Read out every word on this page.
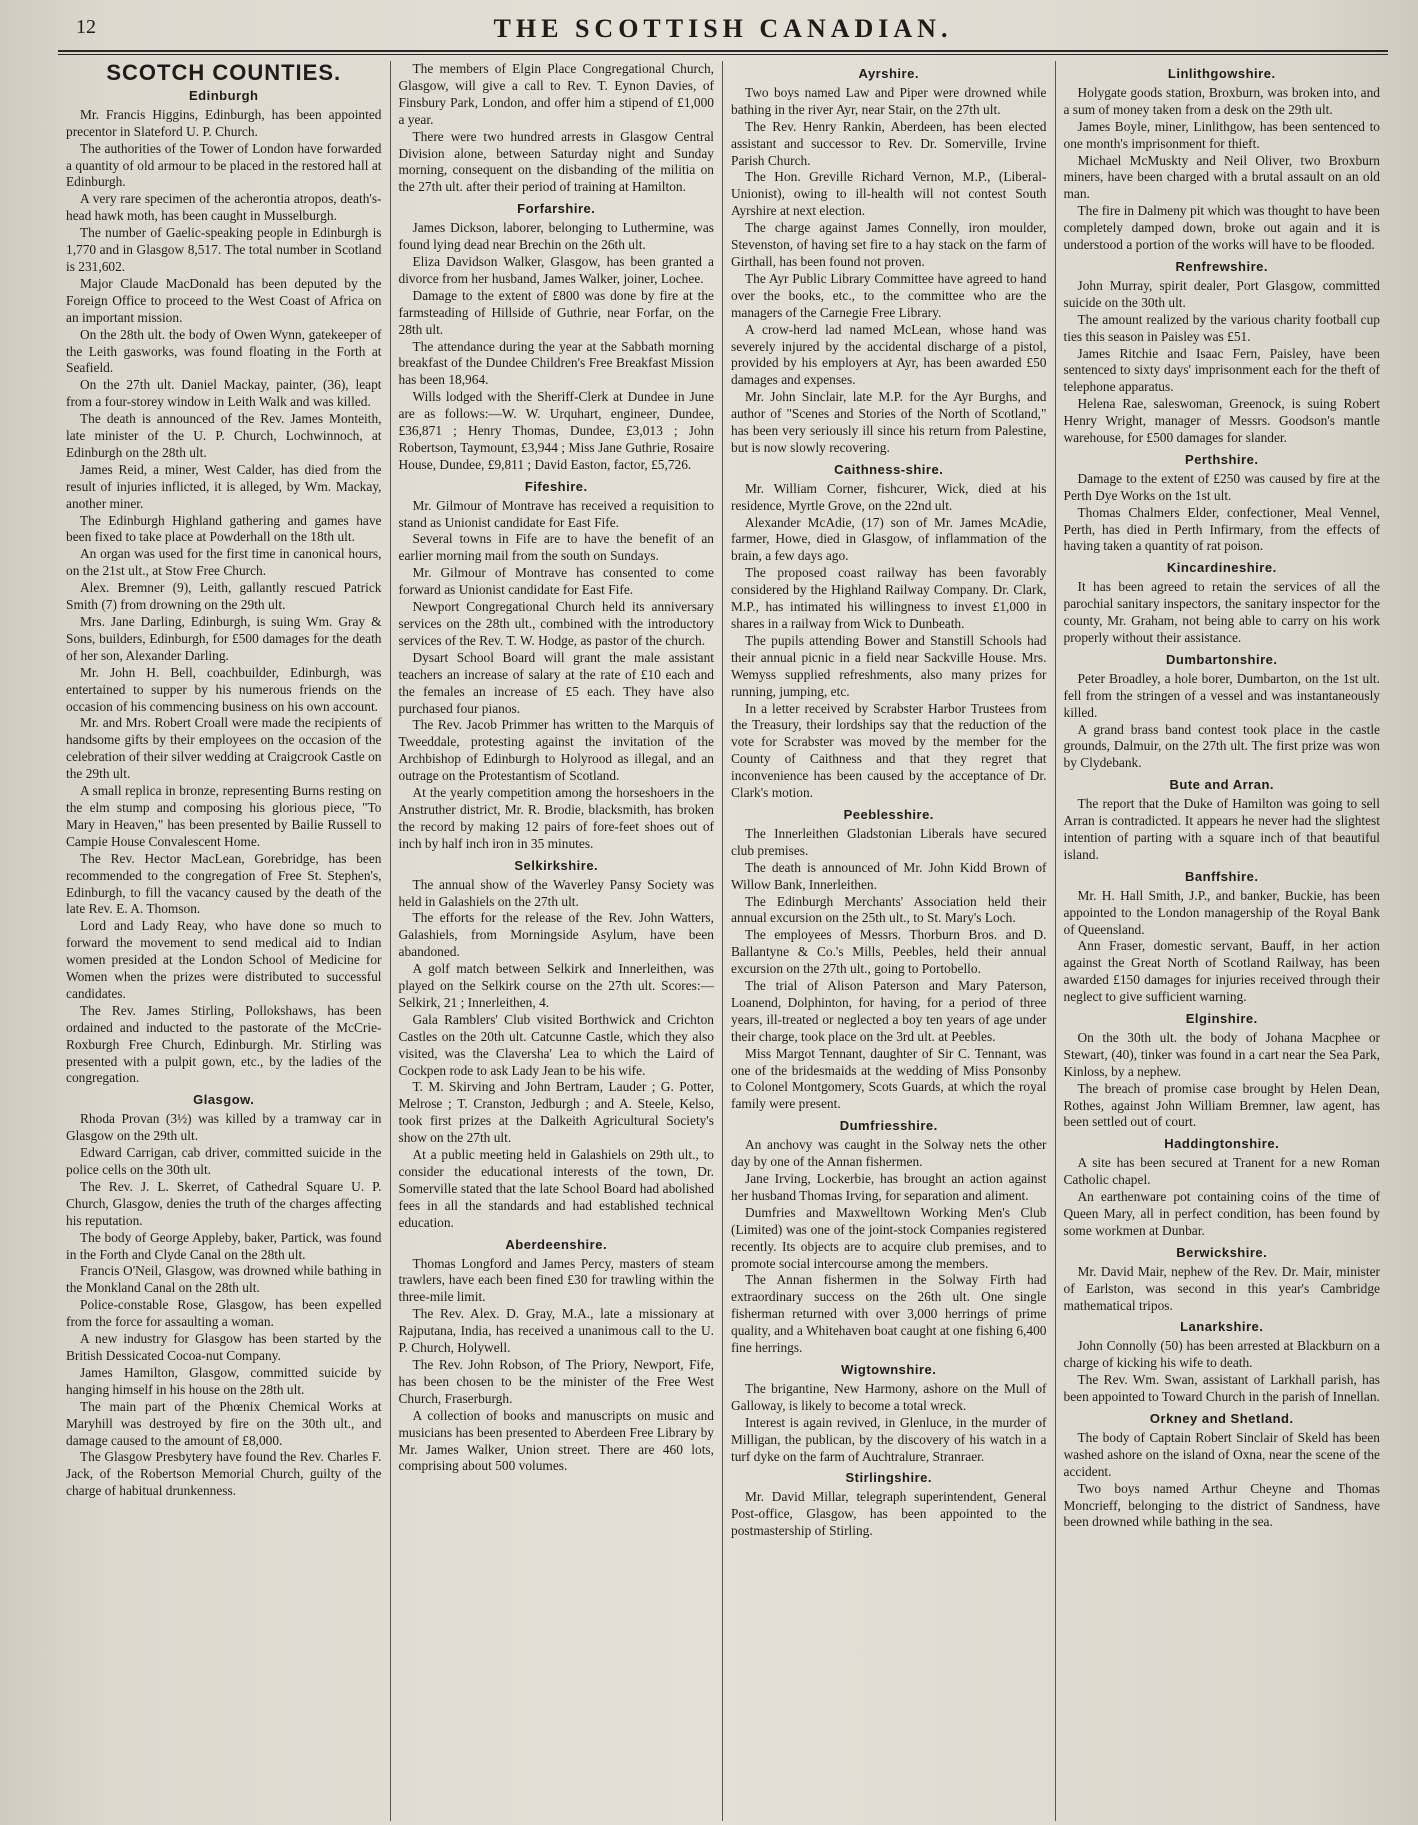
12	THE SCOTTISH CANADIAN.
SCOTCH COUNTIES.
Edinburgh

Mr. Francis Higgins, Edinburgh, has been appointed precentor in Slateford U. P. Church.

The authorities of the Tower of London have forwarded a quantity of old armour to be placed in the restored hall at Edinburgh.

A very rare specimen of the acherontia atropos, death's-head hawk moth, has been caught in Musselburgh.

The number of Gaelic-speaking people in Edinburgh is 1,770 and in Glasgow 8,517. The total number in Scotland is 231,602.

Major Claude MacDonald has been deputed by the Foreign Office to proceed to the West Coast of Africa on an important mission.

On the 28th ult. the body of Owen Wynn, gatekeeper of the Leith gasworks, was found floating in the Forth at Seafield.

On the 27th ult. Daniel Mackay, painter, (36), leapt from a four-storey window in Leith Walk and was killed.

The death is announced of the Rev. James Monteith, late minister of the U. P. Church, Lochwinnoch, at Edinburgh on the 28th ult.

James Reid, a miner, West Calder, has died from the result of injuries inflicted, it is alleged, by Wm. Mackay, another miner.

The Edinburgh Highland gathering and games have been fixed to take place at Powderhall on the 18th ult.

An organ was used for the first time in canonical hours, on the 21st ult., at Stow Free Church.

Alex. Bremner (9), Leith, gallantly rescued Patrick Smith (7) from drowning on the 29th ult.

Mrs. Jane Darling, Edinburgh, is suing Wm. Gray & Sons, builders, Edinburgh, for £500 damages for the death of her son, Alexander Darling.

Mr. John H. Bell, coachbuilder, Edinburgh, was entertained to supper by his numerous friends on the occasion of his commencing business on his own account.

Mr. and Mrs. Robert Croall were made the recipients of handsome gifts by their employees on the occasion of the celebration of their silver wedding at Craigcrook Castle on the 29th ult.

A small replica in bronze, representing Burns resting on the elm stump and composing his glorious piece, "To Mary in Heaven," has been presented by Bailie Russell to Campie House Convalescent Home.

The Rev. Hector MacLean, Gorebridge, has been recommended to the congregation of Free St. Stephen's, Edinburgh, to fill the vacancy caused by the death of the late Rev. E. A. Thomson.

Lord and Lady Reay, who have done so much to forward the movement to send medical aid to Indian women presided at the London School of Medicine for Women when the prizes were distributed to successful candidates.

The Rev. James Stirling, Pollokshaws, has been ordained and inducted to the pastorate of the McCrie-Roxburgh Free Church, Edinburgh. Mr. Stirling was presented with a pulpit gown, etc., by the ladies of the congregation.

Glasgow.

Rhoda Provan (3½) was killed by a tramway car in Glasgow on the 29th ult.

Edward Carrigan, cab driver, committed suicide in the police cells on the 30th ult.

The Rev. J. L. Skerret, of Cathedral Square U. P. Church, Glasgow, denies the truth of the charges affecting his reputation.

The body of George Appleby, baker, Partick, was found in the Forth and Clyde Canal on the 28th ult.

Francis O'Neil, Glasgow, was drowned while bathing in the Monkland Canal on the 28th ult.

Police-constable Rose, Glasgow, has been expelled from the force for assaulting a woman.

A new industry for Glasgow has been started by the British Dessicated Cocoa-nut Company.

James Hamilton, Glasgow, committed suicide by hanging himself in his house on the 28th ult.

The main part of the Phœnix Chemical Works at Maryhill was destroyed by fire on the 30th ult., and damage caused to the amount of £8,000.

The Glasgow Presbytery have found the Rev. Charles F. Jack, of the Robertson Memorial Church, guilty of the charge of habitual drunkenness.

The members of Elgin Place Congregational Church, Glasgow, will give a call to Rev. T. Eynon Davies, of Finsbury Park, London, and offer him a stipend of £1,000 a year.

There were two hundred arrests in Glasgow Central Division alone, between Saturday night and Sunday morning, consequent on the disbanding of the militia on the 27th ult. after their period of training at Hamilton.

Forfarshire.

James Dickson, laborer, belonging to Luthermine, was found lying dead near Brechin on the 26th ult.

Eliza Davidson Walker, Glasgow, has been granted a divorce from her husband, James Walker, joiner, Lochee.

Damage to the extent of £800 was done by fire at the farmsteading of Hillside of Guthrie, near Forfar, on the 28th ult.

The attendance during the year at the Sabbath morning breakfast of the Dundee Children's Free Breakfast Mission has been 18,964.

Wills lodged with the Sheriff-Clerk at Dundee in June are as follows:—W. W. Urquhart, engineer, Dundee, £36,871 ; Henry Thomas, Dundee, £3,013 ; John Robertson, Taymount, £3,944 ; Miss Jane Guthrie, Rosaire House, Dundee, £9,811 ; David Easton, factor, £5,726.

Fifeshire.

Mr. Gilmour of Montrave has received a requisition to stand as Unionist candidate for East Fife.

Several towns in Fife are to have the benefit of an earlier morning mail from the south on Sundays.

Mr. Gilmour of Montrave has consented to come forward as Unionist candidate for East Fife.

Newport Congregational Church held its anniversary services on the 28th ult., combined with the introductory services of the Rev. T. W. Hodge, as pastor of the church.

Dysart School Board will grant the male assistant teachers an increase of salary at the rate of £10 each and the females an increase of £5 each. They have also purchased four pianos.

The Rev. Jacob Primmer has written to the Marquis of Tweeddale, protesting against the invitation of the Archbishop of Edinburgh to Holyrood as illegal, and an outrage on the Protestantism of Scotland.

At the yearly competition among the horseshoers in the Anstruther district, Mr. R. Brodie, blacksmith, has broken the record by making 12 pairs of fore-feet shoes out of inch by half inch iron in 35 minutes.

Selkirkshire.

The annual show of the Waverley Pansy Society was held in Galashiels on the 27th ult.

The efforts for the release of the Rev. John Watters, Galashiels, from Morningside Asylum, have been abandoned.

A golf match between Selkirk and Innerleithen, was played on the Selkirk course on the 27th ult. Scores:—Selkirk, 21 ; Innerleithen, 4.

Gala Ramblers' Club visited Borthwick and Crichton Castles on the 20th ult. Catcunne Castle, which they also visited, was the Claversha' Lea to which the Laird of Cockpen rode to ask Lady Jean to be his wife.

T. M. Skirving and John Bertram, Lauder ; G. Potter, Melrose ; T. Cranston, Jedburgh ; and A. Steele, Kelso, took first prizes at the Dalkeith Agricultural Society's show on the 27th ult.

At a public meeting held in Galashiels on 29th ult., to consider the educational interests of the town, Dr. Somerville stated that the late School Board had abolished fees in all the standards and had established technical education.

Aberdeenshire.

Thomas Longford and James Percy, masters of steam trawlers, have each been fined £30 for trawling within the three-mile limit.

The Rev. Alex. D. Gray, M.A., late a missionary at Rajputana, India, has received a unanimous call to the U. P. Church, Holywell.

The Rev. John Robson, of The Priory, Newport, Fife, has been chosen to be the minister of the Free West Church, Fraserburgh.

A collection of books and manuscripts on music and musicians has been presented to Aberdeen Free Library by Mr. James Walker, Union street. There are 460 lots, comprising about 500 volumes.

Ayrshire.

Two boys named Law and Piper were drowned while bathing in the river Ayr, near Stair, on the 27th ult.

The Rev. Henry Rankin, Aberdeen, has been elected assistant and successor to Rev. Dr. Somerville, Irvine Parish Church.

The Hon. Greville Richard Vernon, M.P., (Liberal-Unionist), owing to ill-health will not contest South Ayrshire at next election.

The charge against James Connelly, iron moulder, Stevenston, of having set fire to a hay stack on the farm of Girthall, has been found not proven.

The Ayr Public Library Committee have agreed to hand over the books, etc., to the committee who are the managers of the Carnegie Free Library.

A crow-herd lad named McLean, whose hand was severely injured by the accidental discharge of a pistol, provided by his employers at Ayr, has been awarded £50 damages and expenses.

Mr. John Sinclair, late M.P. for the Ayr Burghs, and author of "Scenes and Stories of the North of Scotland," has been very seriously ill since his return from Palestine, but is now slowly recovering.

Caithness-shire.

Mr. William Corner, fishcurer, Wick, died at his residence, Myrtle Grove, on the 22nd ult.

Alexander McAdie, (17) son of Mr. James McAdie, farmer, Howe, died in Glasgow, of inflammation of the brain, a few days ago.

The proposed coast railway has been favorably considered by the Highland Railway Company. Dr. Clark, M.P., has intimated his willingness to invest £1,000 in shares in a railway from Wick to Dunbeath.

The pupils attending Bower and Stanstill Schools had their annual picnic in a field near Sackville House. Mrs. Wemyss supplied refreshments, also many prizes for running, jumping, etc.

In a letter received by Scrabster Harbor Trustees from the Treasury, their lordships say that the reduction of the vote for Scrabster was moved by the member for the County of Caithness and that they regret that inconvenience has been caused by the acceptance of Dr. Clark's motion.

Peeblesshire.

The Innerleithen Gladstonian Liberals have secured club premises.

The death is announced of Mr. John Kidd Brown of Willow Bank, Innerleithen.

The Edinburgh Merchants' Association held their annual excursion on the 25th ult., to St. Mary's Loch.

The employees of Messrs. Thorburn Bros. and D. Ballantyne & Co.'s Mills, Peebles, held their annual excursion on the 27th ult., going to Portobello.

The trial of Alison Paterson and Mary Paterson, Loanend, Dolphinton, for having, for a period of three years, ill-treated or neglected a boy ten years of age under their charge, took place on the 3rd ult. at Peebles.

Miss Margot Tennant, daughter of Sir C. Tennant, was one of the bridesmaids at the wedding of Miss Ponsonby to Colonel Montgomery, Scots Guards, at which the royal family were present.

Dumfriesshire.

An anchovy was caught in the Solway nets the other day by one of the Annan fishermen.

Jane Irving, Lockerbie, has brought an action against her husband Thomas Irving, for separation and aliment.

Dumfries and Maxwelltown Working Men's Club (Limited) was one of the joint-stock Companies registered recently. Its objects are to acquire club premises, and to promote social intercourse among the members.

The Annan fishermen in the Solway Firth had extraordinary success on the 26th ult. One single fisherman returned with over 3,000 herrings of prime quality, and a Whitehaven boat caught at one fishing 6,400 fine herrings.

Wigtownshire.

The brigantine, New Harmony, ashore on the Mull of Galloway, is likely to become a total wreck.

Interest is again revived, in Glenluce, in the murder of Milligan, the publican, by the discovery of his watch in a turf dyke on the farm of Auchtralure, Stranraer.

Stirlingshire.

Mr. David Millar, telegraph superintendent, General Post-office, Glasgow, has been appointed to the postmastership of Stirling.

Linlithgowshire.

Holygate goods station, Broxburn, was broken into, and a sum of money taken from a desk on the 29th ult.

James Boyle, miner, Linlithgow, has been sentenced to one month's imprisonment for thieft.

Michael McMuskty and Neil Oliver, two Broxburn miners, have been charged with a brutal assault on an old man.

The fire in Dalmeny pit which was thought to have been completely damped down, broke out again and it is understood a portion of the works will have to be flooded.

Renfrewshire.

John Murray, spirit dealer, Port Glasgow, committed suicide on the 30th ult.

The amount realized by the various charity football cup ties this season in Paisley was £51.

James Ritchie and Isaac Fern, Paisley, have been sentenced to sixty days' imprisonment each for the theft of telephone apparatus.

Helena Rae, saleswoman, Greenock, is suing Robert Henry Wright, manager of Messrs. Goodson's mantle warehouse, for £500 damages for slander.

Perthshire.

Damage to the extent of £250 was caused by fire at the Perth Dye Works on the 1st ult.

Thomas Chalmers Elder, confectioner, Meal Vennel, Perth, has died in Perth Infirmary, from the effects of having taken a quantity of rat poison.

Kincardineshire.

It has been agreed to retain the services of all the parochial sanitary inspectors, the sanitary inspector for the county, Mr. Graham, not being able to carry on his work properly without their assistance.

Dumbartonshire.

Peter Broadley, a hole borer, Dumbarton, on the 1st ult. fell from the stringen of a vessel and was instantaneously killed.

A grand brass band contest took place in the castle grounds, Dalmuir, on the 27th ult. The first prize was won by Clydebank.

Bute and Arran.

The report that the Duke of Hamilton was going to sell Arran is contradicted. It appears he never had the slightest intention of parting with a square inch of that beautiful island.

Banffshire.

Mr. H. Hall Smith, J.P., and banker, Buckie, has been appointed to the London managership of the Royal Bank of Queensland.

Ann Fraser, domestic servant, Bauff, in her action against the Great North of Scotland Railway, has been awarded £150 damages for injuries received through their neglect to give sufficient warning.

Elginshire.

On the 30th ult. the body of Johana Macphee or Stewart, (40), tinker was found in a cart near the Sea Park, Kinloss, by a nephew.

The breach of promise case brought by Helen Dean, Rothes, against John William Bremner, law agent, has been settled out of court.

Haddingtonshire.

A site has been secured at Tranent for a new Roman Catholic chapel.

An earthenware pot containing coins of the time of Queen Mary, all in perfect condition, has been found by some workmen at Dunbar.

Berwickshire.

Mr. David Mair, nephew of the Rev. Dr. Mair, minister of Earlston, was second in this year's Cambridge mathematical tripos.

Lanarkshire.

John Connolly (50) has been arrested at Blackburn on a charge of kicking his wife to death.

The Rev. Wm. Swan, assistant of Larkhall parish, has been appointed to Toward Church in the parish of Innellan.

Orkney and Shetland.

The body of Captain Robert Sinclair of Skeld has been washed ashore on the island of Oxna, near the scene of the accident.

Two boys named Arthur Cheyne and Thomas Moncrieff, belonging to the district of Sandness, have been drowned while bathing in the sea.
